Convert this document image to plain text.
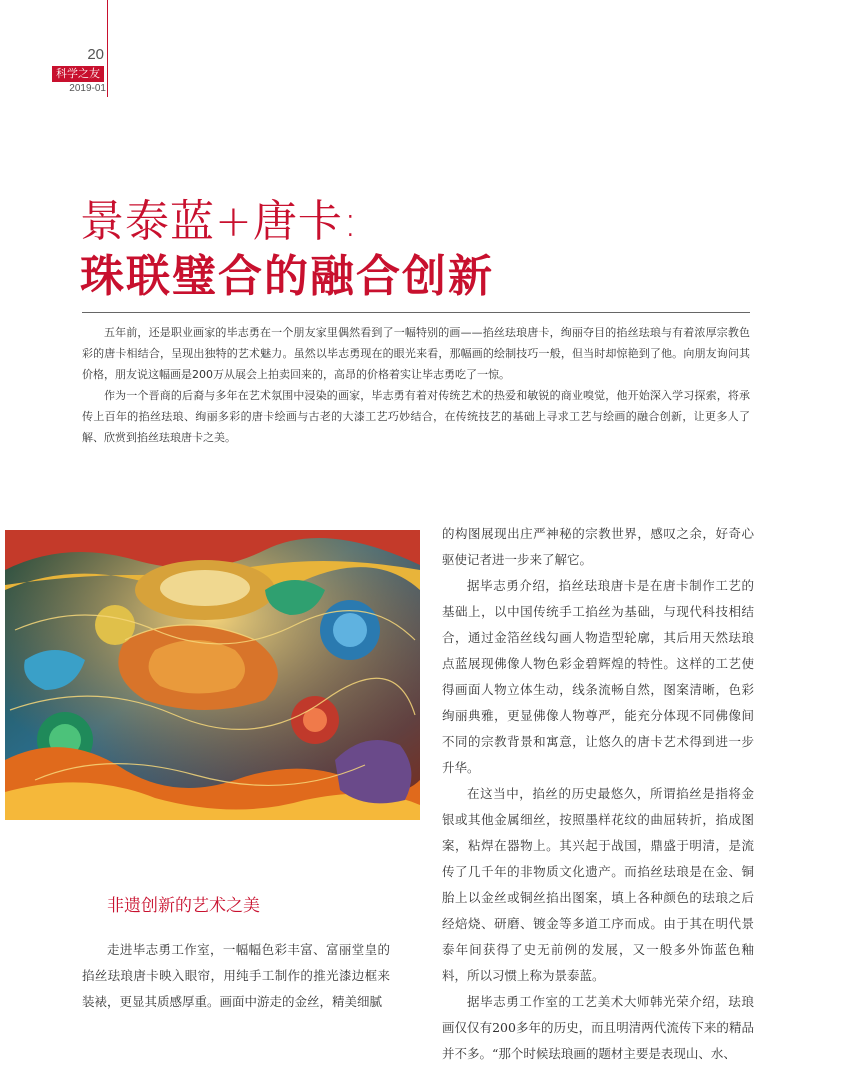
20
科学之友
2019-01
景泰蓝+唐卡:
珠联璧合的融合创新

五年前，还是职业画家的毕志勇在一个朋友家里偶然看到了一幅特别的画——掐丝珐琅唐卡，绚丽夺目的掐丝珐琅与有着浓厚宗教色彩的唐卡相结合，呈现出独特的艺术魅力。虽然以毕志勇现在的眼光来看，那幅画的绘制技巧一般，但当时却惊艳到了他。向朋友询问其价格，朋友说这幅画是200万从展会上拍卖回来的，高昂的价格着实让毕志勇吃了一惊。

作为一个晋商的后裔与多年在艺术氛围中浸染的画家，毕志勇有着对传统艺术的热爱和敏锐的商业嗅觉，他开始深入学习探索，将承传上百年的掐丝珐琅、绚丽多彩的唐卡绘画与古老的大漆工艺巧妙结合，在传统技艺的基础上寻求工艺与绘画的融合创新，让更多人了解、欣赏到掐丝珐琅唐卡之美。

的构图展现出庄严神秘的宗教世界，感叹之余，好奇心驱使记者进一步来了解它。

据毕志勇介绍，掐丝珐琅唐卡是在唐卡制作工艺的基础上，以中国传统手工掐丝为基础，与现代科技相结合，通过金箔丝线勾画人物造型轮廓，其后用天然珐琅点蓝展现佛像人物色彩金碧辉煌的特性。这样的工艺使得画面人物立体生动，线条流畅自然，图案清晰，色彩绚丽典雅，更显佛像人物尊严，能充分体现不同佛像间不同的宗教背景和寓意，让悠久的唐卡艺术得到进一步升华。

在这当中，掐丝的历史最悠久，所谓掐丝是指将金银或其他金属细丝，按照墨样花纹的曲屈转折，掐成图案，粘焊在器物上。其兴起于战国，鼎盛于明清，是流传了几千年的非物质文化遗产。而掐丝珐琅是在金、铜胎上以金丝或铜丝掐出图案，填上各种颜色的珐琅之后经焙烧、研磨、镀金等多道工序而成。由于其在明代景泰年间获得了史无前例的发展，又一般多外饰蓝色釉料，所以习惯上称为景泰蓝。

据毕志勇工作室的工艺美术大师韩光荣介绍，珐琅画仅仅有200多年的历史，而且明清两代流传下来的精品并不多。“那个时候珐琅画的题材主要是表现山、水、

非遗创新的艺术之美

走进毕志勇工作室，一幅幅色彩丰富、富丽堂皇的掐丝珐琅唐卡映入眼帘，用纯手工制作的推光漆边框来装裱，更显其质感厚重。画面中游走的金丝，精美细腻
